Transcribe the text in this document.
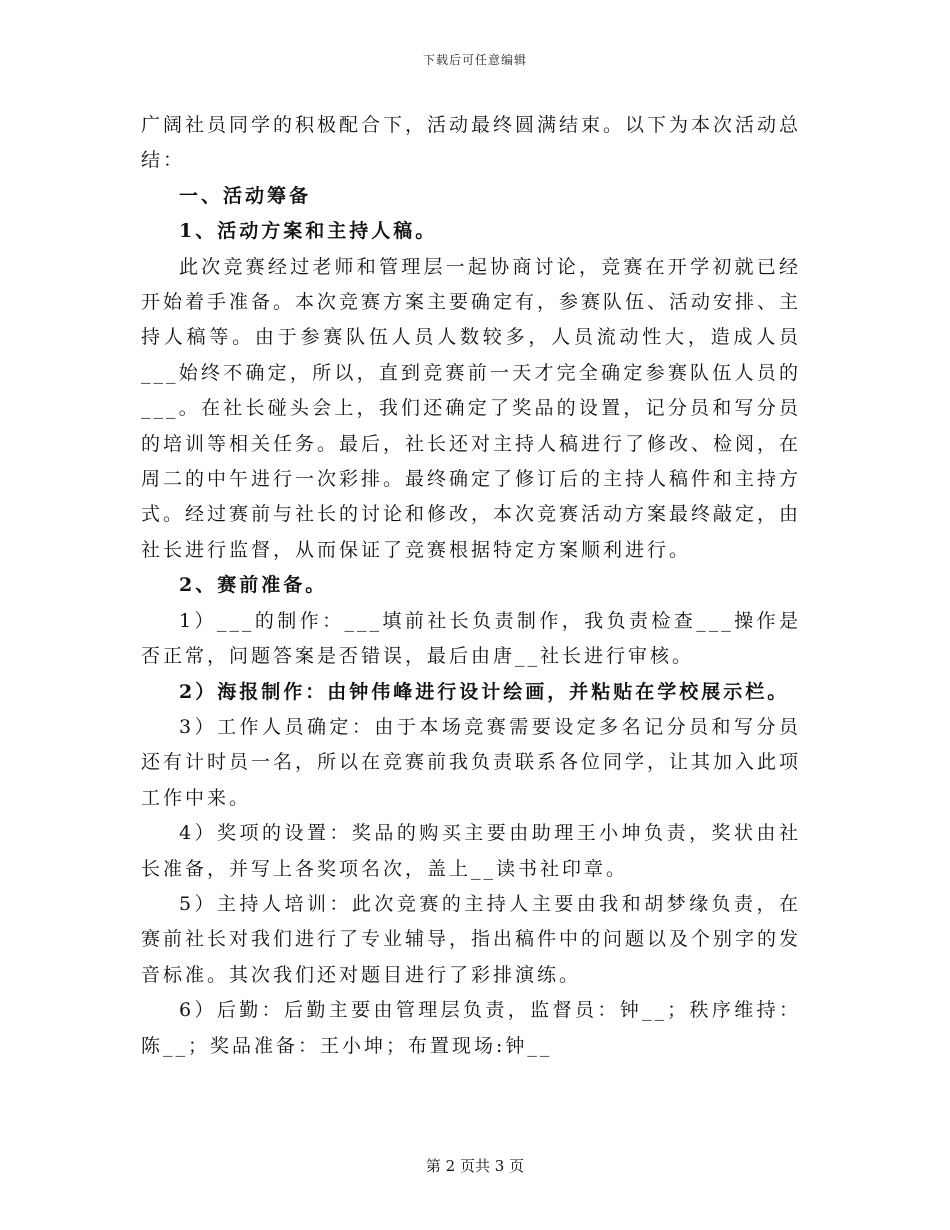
下载后可任意编辑

广阔社员同学的积极配合下，活动最终圆满结束。以下为本次活动总结：

一、活动筹备

1、活动方案和主持人稿。

此次竞赛经过老师和管理层一起协商讨论，竞赛在开学初就已经开始着手准备。本次竞赛方案主要确定有，参赛队伍、活动安排、主持人稿等。由于参赛队伍人员人数较多，人员流动性大，造成人员___始终不确定，所以，直到竞赛前一天才完全确定参赛队伍人员的___。在社长碰头会上，我们还确定了奖品的设置，记分员和写分员的培训等相关任务。最后，社长还对主持人稿进行了修改、检阅，在周二的中午进行一次彩排。最终确定了修订后的主持人稿件和主持方式。经过赛前与社长的讨论和修改，本次竞赛活动方案最终敲定，由社长进行监督，从而保证了竞赛根据特定方案顺利进行。

2、赛前准备。

1）___的制作：___填前社长负责制作，我负责检查___操作是否正常，问题答案是否错误，最后由唐__社长进行审核。

2）海报制作：由钟伟峰进行设计绘画，并粘贴在学校展示栏。

3）工作人员确定：由于本场竞赛需要设定多名记分员和写分员还有计时员一名，所以在竞赛前我负责联系各位同学，让其加入此项工作中来。

4）奖项的设置：奖品的购买主要由助理王小坤负责，奖状由社长准备，并写上各奖项名次，盖上__读书社印章。

5）主持人培训：此次竞赛的主持人主要由我和胡梦缘负责，在赛前社长对我们进行了专业辅导，指出稿件中的问题以及个别字的发音标准。其次我们还对题目进行了彩排演练。

6）后勤：后勤主要由管理层负责，监督员：钟__；秩序维持：陈__；奖品准备：王小坤；布置现场:钟__

第 2 页共 3 页
